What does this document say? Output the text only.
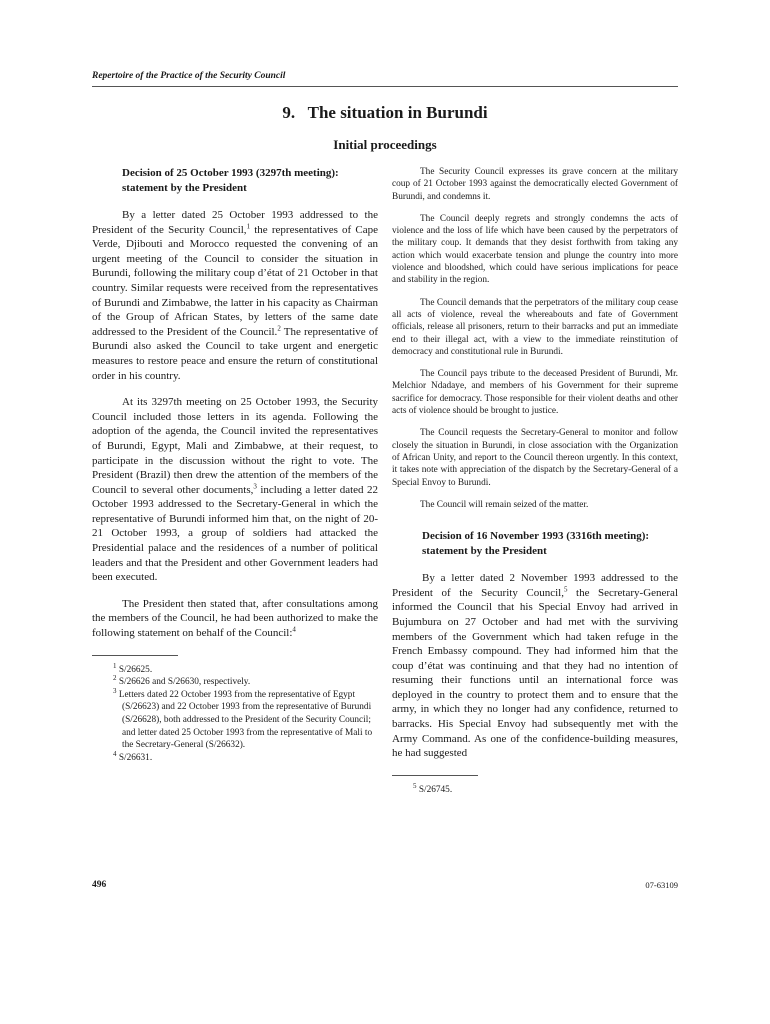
Repertoire of the Practice of the Security Council
9.   The situation in Burundi
Initial proceedings

Decision of 25 October 1993 (3297th meeting): statement by the President

By a letter dated 25 October 1993 addressed to the President of the Security Council,$^1$ the representatives of Cape Verde, Djibouti and Morocco requested the convening of an urgent meeting of the Council to consider the situation in Burundi, following the military coup d’état of 21 October in that country. Similar requests were received from the representatives of Burundi and Zimbabwe, the latter in his capacity as Chairman of the Group of African States, by letters of the same date addressed to the President of the Council.$^2$ The representative of Burundi also asked the Council to take urgent and energetic measures to restore peace and ensure the return of constitutional order in his country.

At its 3297th meeting on 25 October 1993, the Security Council included those letters in its agenda. Following the adoption of the agenda, the Council invited the representatives of Burundi, Egypt, Mali and Zimbabwe, at their request, to participate in the discussion without the right to vote. The President (Brazil) then drew the attention of the members of the Council to several other documents,$^3$ including a letter dated 22 October 1993 addressed to the Secretary-General in which the representative of Burundi informed him that, on the night of 20-21 October 1993, a group of soldiers had attacked the Presidential palace and the residences of a number of political leaders and that the President and other Government leaders had been executed.

The President then stated that, after consultations among the members of the Council, he had been authorized to make the following statement on behalf of the Council:$^4$

$^1$ S/26625.

$^2$ S/26626 and S/26630, respectively.

$^3$ Letters dated 22 October 1993 from the representative of Egypt (S/26623) and 22 October 1993 from the representative of Burundi (S/26628), both addressed to the President of the Security Council; and letter dated 25 October 1993 from the representative of Mali to the Secretary-General (S/26632).

$^4$ S/26631.

The Security Council expresses its grave concern at the military coup of 21 October 1993 against the democratically elected Government of Burundi, and condemns it.

The Council deeply regrets and strongly condemns the acts of violence and the loss of life which have been caused by the perpetrators of the military coup. It demands that they desist forthwith from taking any action which would exacerbate tension and plunge the country into more violence and bloodshed, which could have serious implications for peace and stability in the region.

The Council demands that the perpetrators of the military coup cease all acts of violence, reveal the whereabouts and fate of Government officials, release all prisoners, return to their barracks and put an immediate end to their illegal act, with a view to the immediate reinstitution of democracy and constitutional rule in Burundi.

The Council pays tribute to the deceased President of Burundi, Mr. Melchior Ndadaye, and members of his Government for their supreme sacrifice for democracy. Those responsible for their violent deaths and other acts of violence should be brought to justice.

The Council requests the Secretary-General to monitor and follow closely the situation in Burundi, in close association with the Organization of African Unity, and report to the Council thereon urgently. In this context, it takes note with appreciation of the dispatch by the Secretary-General of a Special Envoy to Burundi.

The Council will remain seized of the matter.

Decision of 16 November 1993 (3316th meeting): statement by the President

By a letter dated 2 November 1993 addressed to the President of the Security Council,$^5$ the Secretary-General informed the Council that his Special Envoy had arrived in Bujumbura on 27 October and had met with the surviving members of the Government which had taken refuge in the French Embassy compound. They had informed him that the coup d’état was continuing and that they had no intention of resuming their functions until an international force was deployed in the country to protect them and to ensure that the army, in which they no longer had any confidence, returned to barracks. His Special Envoy had subsequently met with the Army Command. As one of the confidence-building measures, he had suggested

$^5$ S/26745.

496	07-63109
